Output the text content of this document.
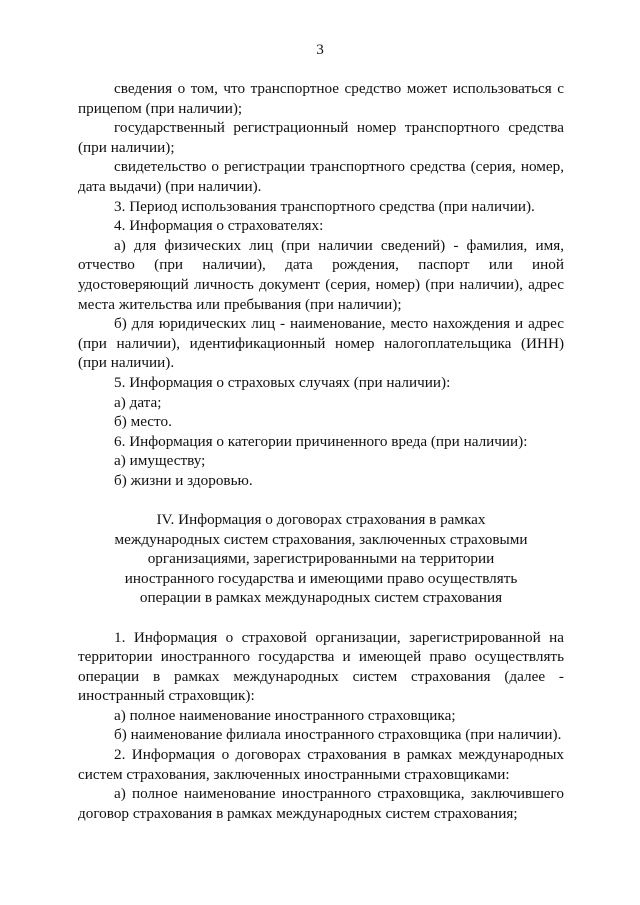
3

сведения о том, что транспортное средство может использоваться с прицепом (при наличии);

государственный регистрационный номер транспортного средства (при наличии);

свидетельство о регистрации транспортного средства (серия, номер, дата выдачи) (при наличии).

3. Период использования транспортного средства (при наличии).

4. Информация о страхователях:

а) для физических лиц (при наличии сведений) - фамилия, имя, отчество (при наличии), дата рождения, паспорт или иной удостоверяющий личность документ (серия, номер) (при наличии), адрес места жительства или пребывания (при наличии);

б) для юридических лиц - наименование, место нахождения и адрес (при наличии), идентификационный номер налогоплательщика (ИНН) (при наличии).

5. Информация о страховых случаях (при наличии):

а) дата;

б) место.

6. Информация о категории причиненного вреда (при наличии):

а) имуществу;

б) жизни и здоровью.

IV. Информация о договорах страхования в рамках международных систем страхования, заключенных страховыми организациями, зарегистрированными на территории иностранного государства и имеющими право осуществлять операции в рамках международных систем страхования

1. Информация о страховой организации, зарегистрированной на территории иностранного государства и имеющей право осуществлять операции в рамках международных систем страхования (далее - иностранный страховщик):

а) полное наименование иностранного страховщика;

б) наименование филиала иностранного страховщика (при наличии).

2. Информация о договорах страхования в рамках международных систем страхования, заключенных иностранными страховщиками:

а) полное наименование иностранного страховщика, заключившего договор страхования в рамках международных систем страхования;
